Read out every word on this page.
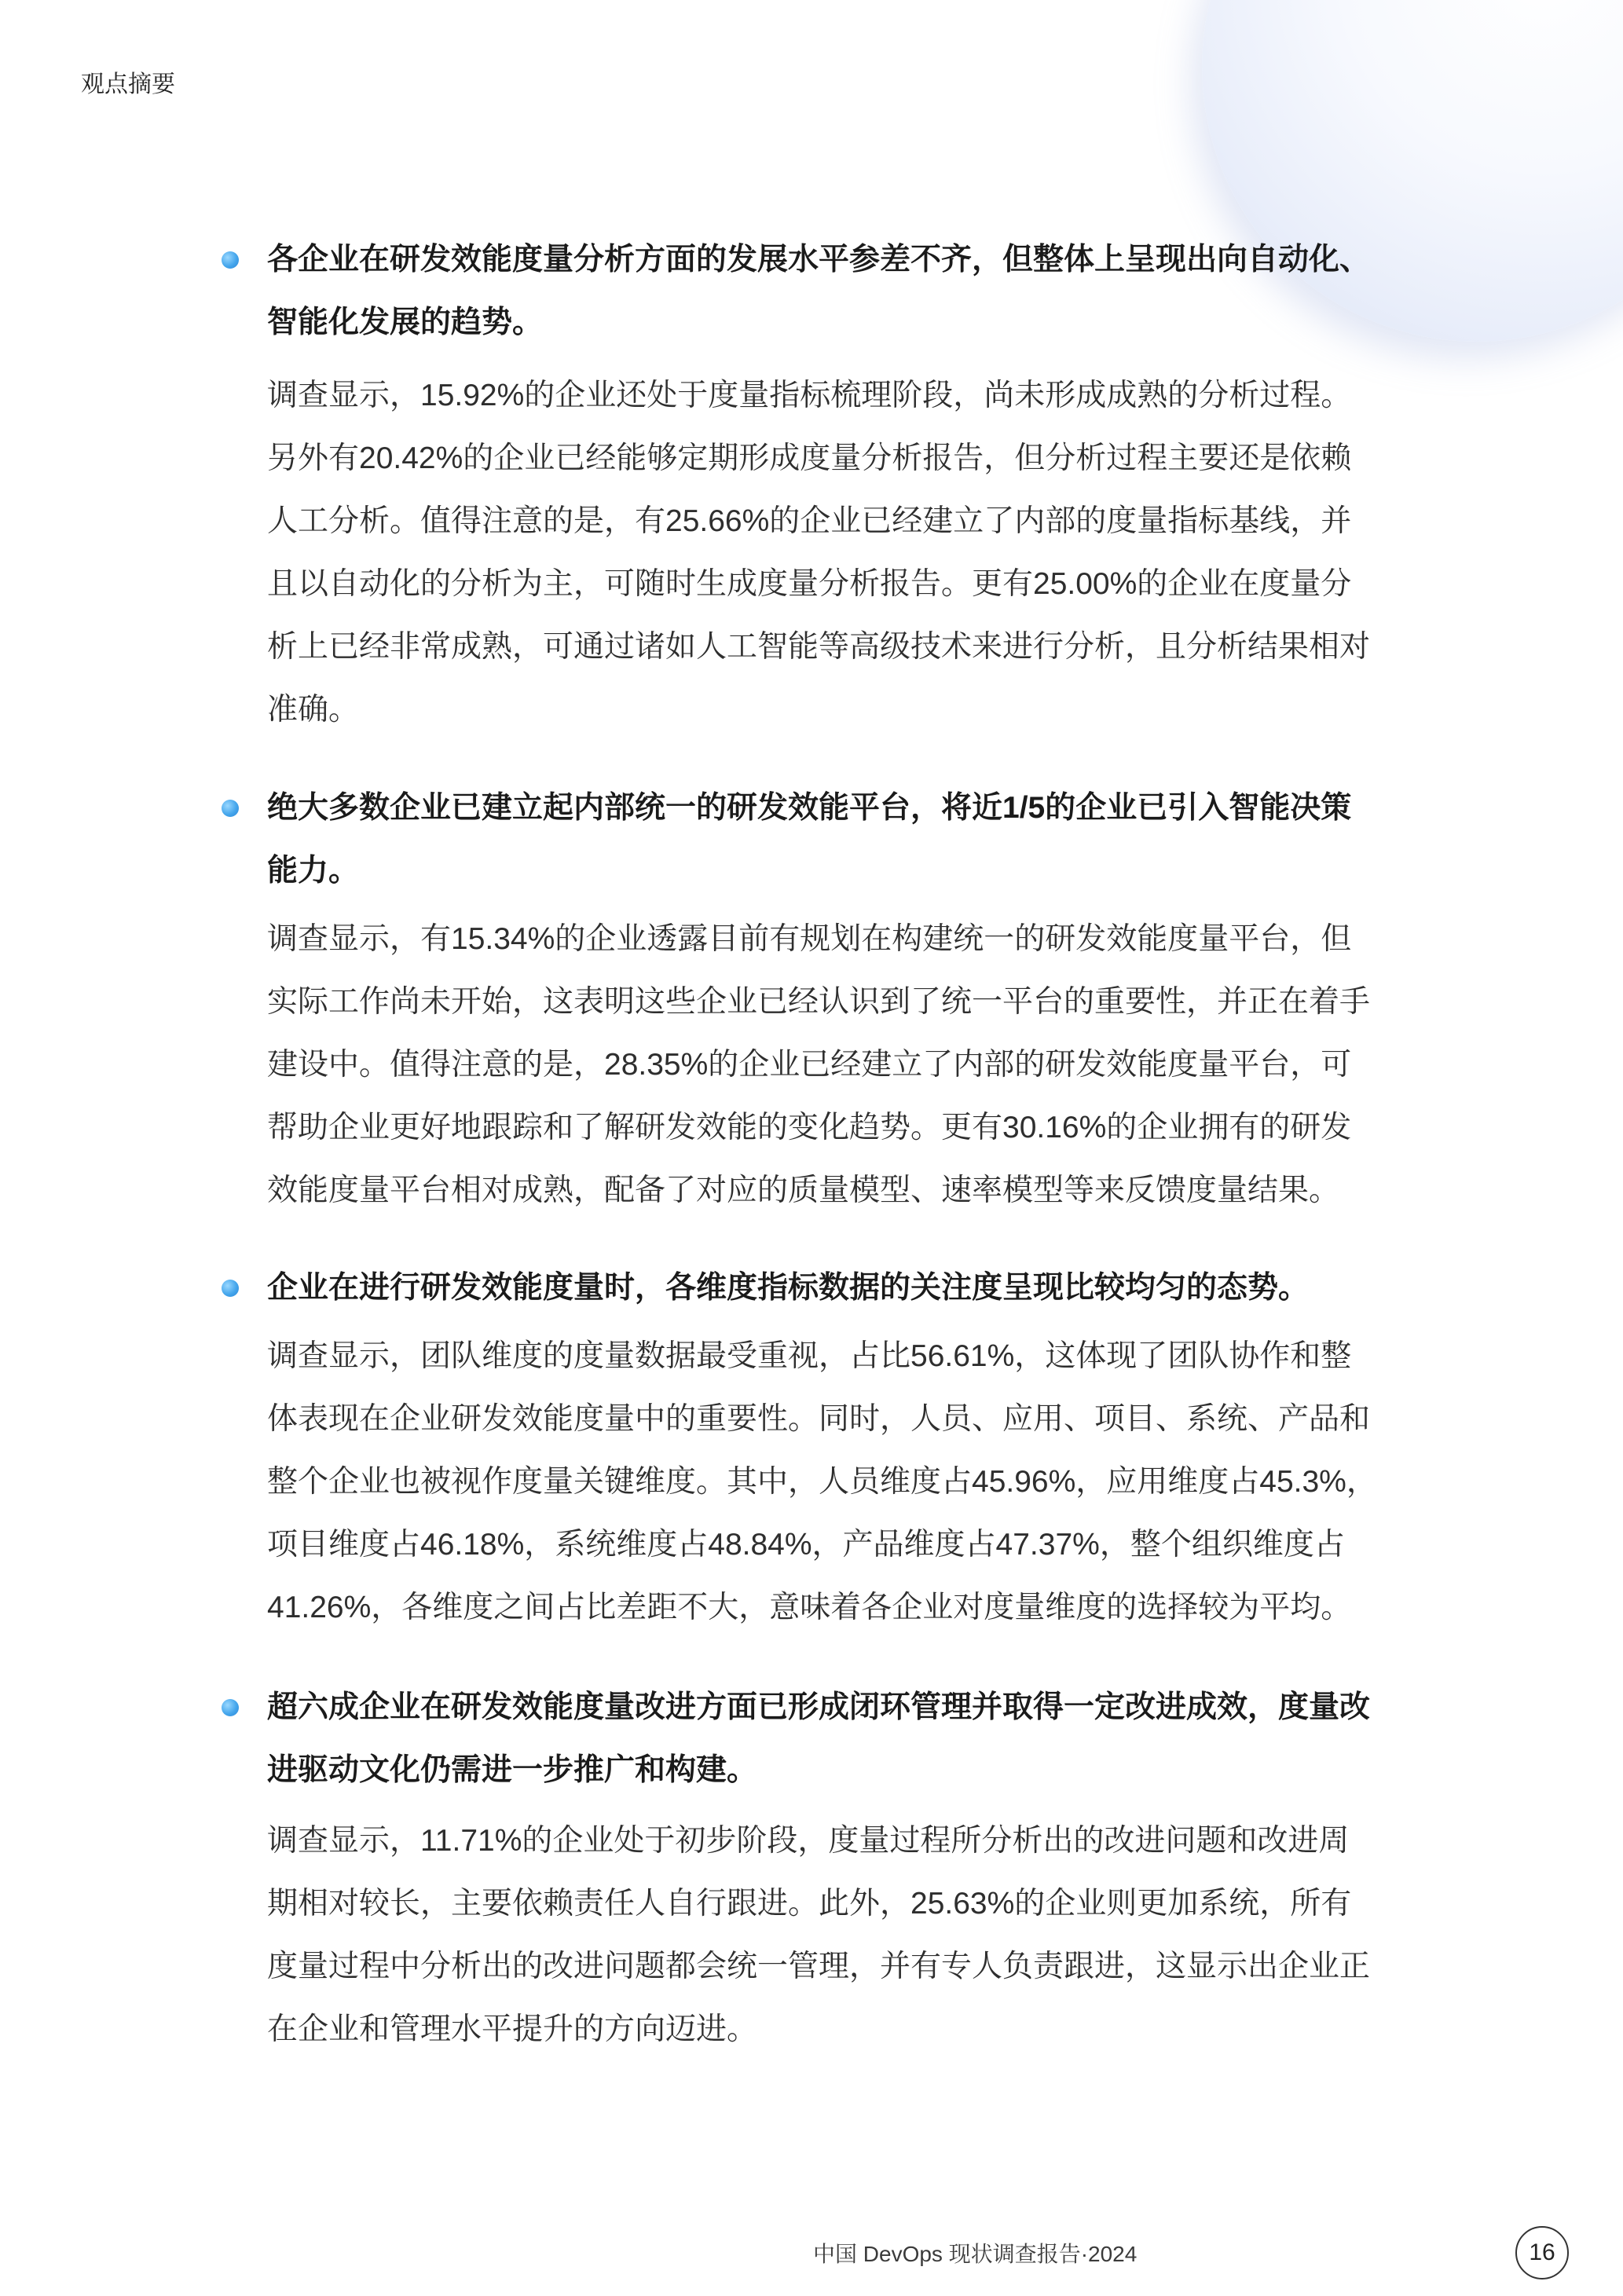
观点摘要
各企业在研发效能度量分析方面的发展水平参差不齐，但整体上呈现出向自动化、
智能化发展的趋势。
调查显示，15.92%的企业还处于度量指标梳理阶段，尚未形成成熟的分析过程。
另外有20.42%的企业已经能够定期形成度量分析报告，但分析过程主要还是依赖
人工分析。值得注意的是，有25.66%的企业已经建立了内部的度量指标基线，并
且以自动化的分析为主，可随时生成度量分析报告。更有25.00%的企业在度量分
析上已经非常成熟，可通过诸如人工智能等高级技术来进行分析，且分析结果相对
准确。
绝大多数企业已建立起内部统一的研发效能平台，将近1/5的企业已引入智能决策
能力。
调查显示，有15.34%的企业透露目前有规划在构建统一的研发效能度量平台，但
实际工作尚未开始，这表明这些企业已经认识到了统一平台的重要性，并正在着手
建设中。值得注意的是，28.35%的企业已经建立了内部的研发效能度量平台，可
帮助企业更好地跟踪和了解研发效能的变化趋势。更有30.16%的企业拥有的研发
效能度量平台相对成熟，配备了对应的质量模型、速率模型等来反馈度量结果。
企业在进行研发效能度量时，各维度指标数据的关注度呈现比较均匀的态势。
调查显示，团队维度的度量数据最受重视，占比56.61%，这体现了团队协作和整
体表现在企业研发效能度量中的重要性。同时，人员、应用、项目、系统、产品和
整个企业也被视作度量关键维度。其中，人员维度占45.96%，应用维度占45.3%，
项目维度占46.18%，系统维度占48.84%，产品维度占47.37%，整个组织维度占
41.26%，各维度之间占比差距不大，意味着各企业对度量维度的选择较为平均。
超六成企业在研发效能度量改进方面已形成闭环管理并取得一定改进成效，度量改
进驱动文化仍需进一步推广和构建。
调查显示，11.71%的企业处于初步阶段，度量过程所分析出的改进问题和改进周
期相对较长，主要依赖责任人自行跟进。此外，25.63%的企业则更加系统，所有
度量过程中分析出的改进问题都会统一管理，并有专人负责跟进，这显示出企业正
在企业和管理水平提升的方向迈进。
中国 DevOps 现状调查报告·2024	16
